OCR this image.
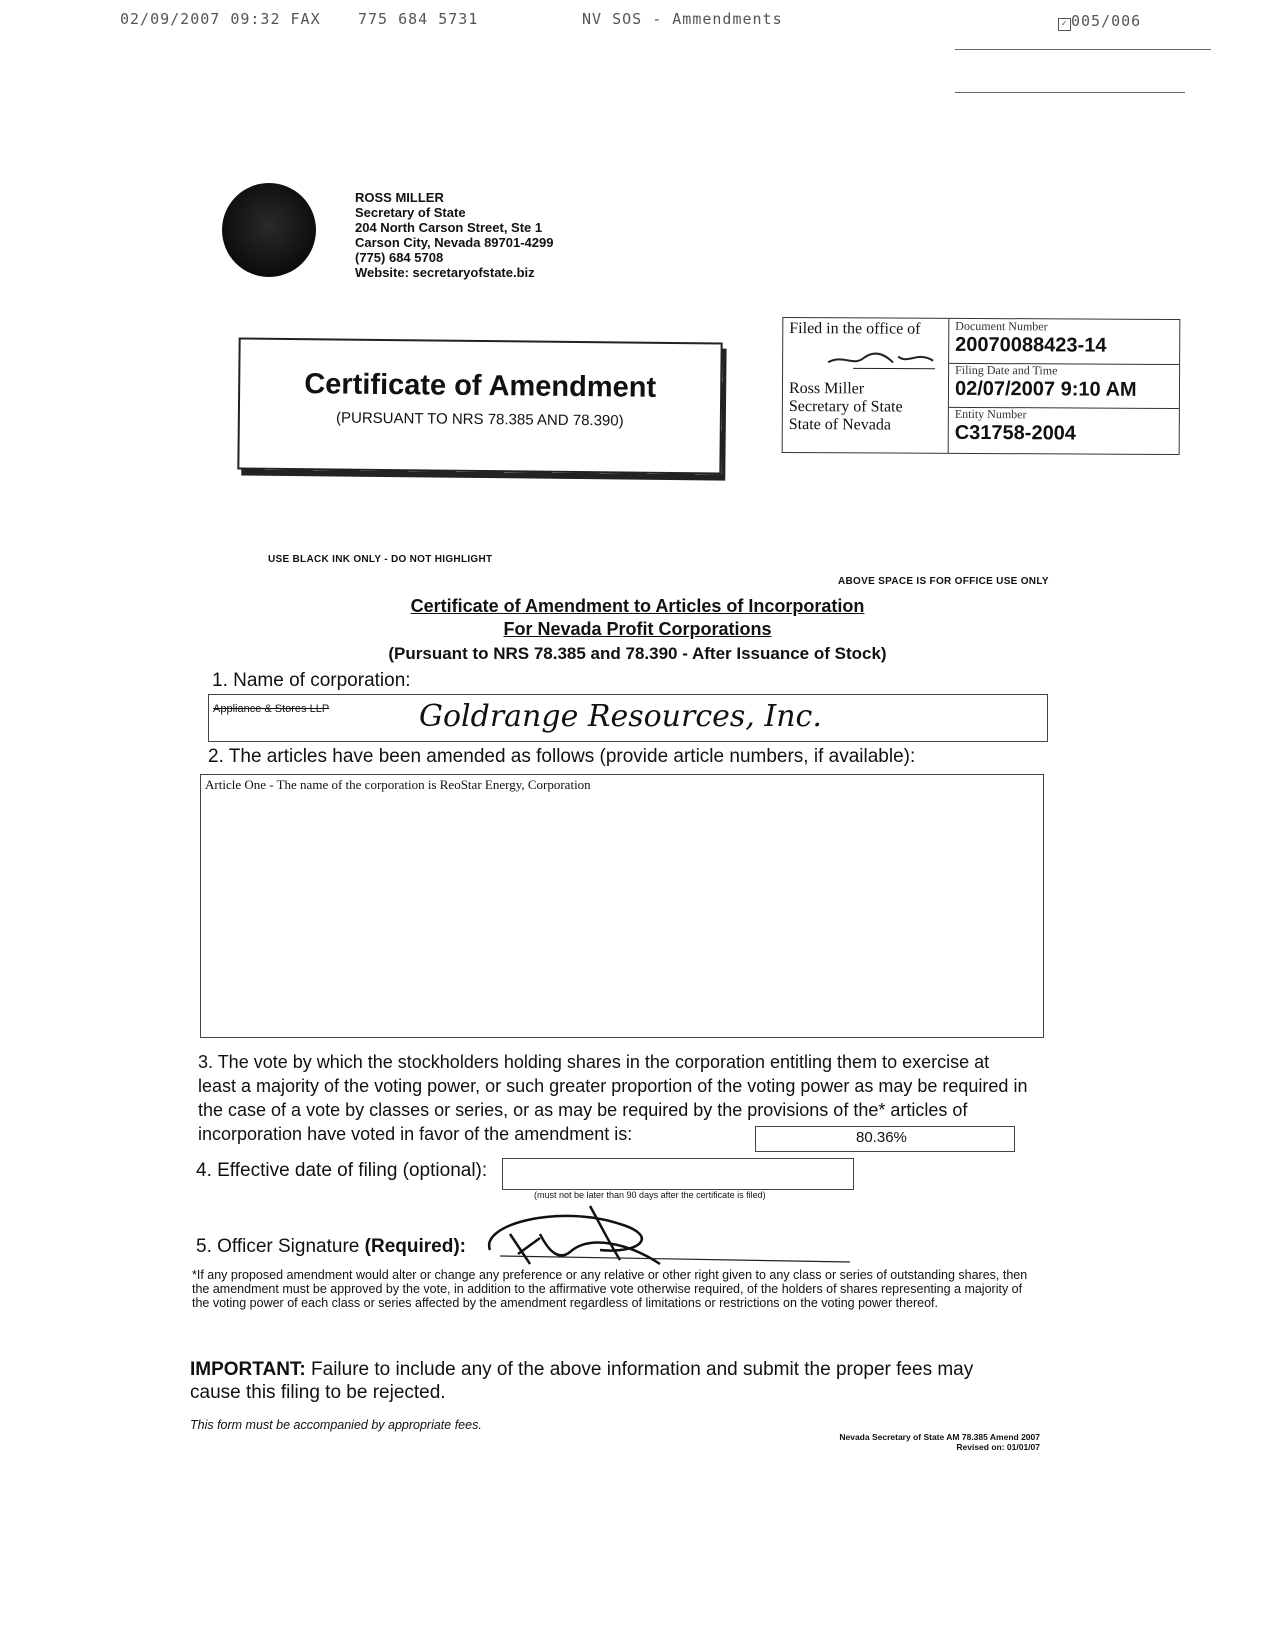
02/09/2007 09:32 FAX 775 684 5731	NV SOS - Ammendments	✓ 005/006
ROSS MILLER
Secretary of State
204 North Carson Street, Ste 1
Carson City, Nevada 89701-4299
(775) 684 5708
Website: secretaryofstate.biz
Certificate of Amendment
(PURSUANT TO NRS 78.385 AND 78.390)
Filed in the office of
Ross Miller
Secretary of State
State of Nevada
Document Number
20070088423-14
Filing Date and Time
02/07/2007 9:10 AM
Entity Number
C31758-2004
USE BLACK INK ONLY - DO NOT HIGHLIGHT
ABOVE SPACE IS FOR OFFICE USE ONLY
Certificate of Amendment to Articles of Incorporation
For Nevada Profit Corporations
(Pursuant to NRS 78.385 and 78.390 - After Issuance of Stock)
1. Name of corporation:
Appliance & Stores LLP	Goldrange Resources, Inc.
2. The articles have been amended as follows (provide article numbers, if available):
Article One - The name of the corporation is ReoStar Energy, Corporation
3. The vote by which the stockholders holding shares in the corporation entitling them to exercise at least a majority of the voting power, or such greater proportion of the voting power as may be required in the case of a vote by classes or series, or as may be required by the provisions of the* articles of incorporation have voted in favor of the amendment is:	80.36%
4. Effective date of filing (optional):
(must not be later than 90 days after the certificate is filed)
5. Officer Signature (Required):
*If any proposed amendment would alter or change any preference or any relative or other right given to any class or series of outstanding shares, then the amendment must be approved by the vote, in addition to the affirmative vote otherwise required, of the holders of shares representing a majority of the voting power of each class or series affected by the amendment regardless of limitations or restrictions on the voting power thereof.
IMPORTANT: Failure to include any of the above information and submit the proper fees may cause this filing to be rejected.
This form must be accompanied by appropriate fees.
Nevada Secretary of State AM 78.385 Amend 2007
Revised on: 01/01/07
